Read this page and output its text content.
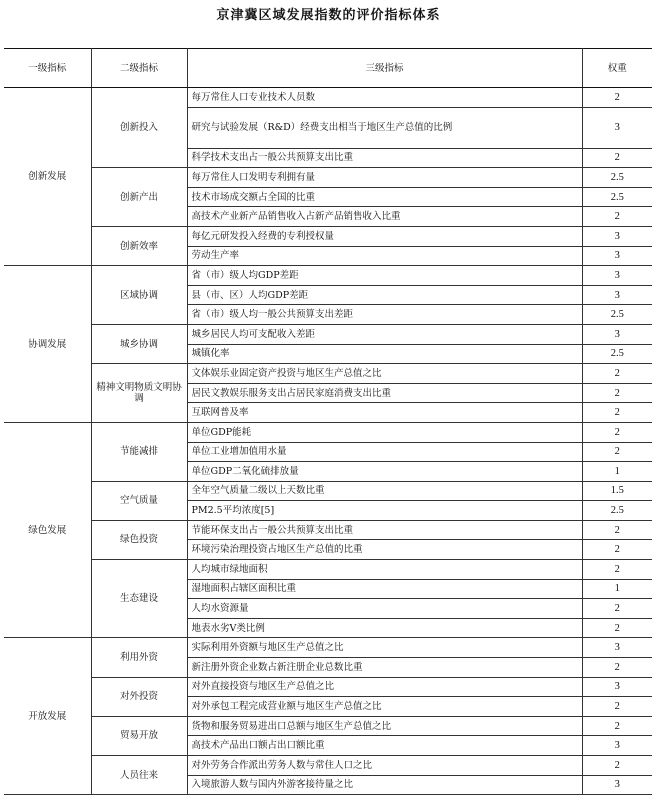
京津冀区域发展指数的评价指标体系
一级指标	二级指标	三级指标	权重
创新发展	创新投入	每万常住人口专业技术人员数	2
		研究与试验发展（R&D）经费支出相当于地区生产总值的比例	3
		科学技术支出占一般公共预算支出比重	2
	创新产出	每万常住人口发明专利拥有量	2.5
		技术市场成交额占全国的比重	2.5
		高技术产业新产品销售收入占新产品销售收入比重	2
	创新效率	每亿元研发投入经费的专利授权量	3
		劳动生产率	3
协调发展	区域协调	省（市）级人均GDP差距	3
		县（市、区）人均GDP差距	3
		省（市）级人均一般公共预算支出差距	2.5
	城乡协调	城乡居民人均可支配收入差距	3
		城镇化率	2.5
	精神文明物质文明协调	文体娱乐业固定资产投资与地区生产总值之比	2
		居民文教娱乐服务支出占居民家庭消费支出比重	2
		互联网普及率	2
绿色发展	节能减排	单位GDP能耗	2
		单位工业增加值用水量	2
		单位GDP二氧化硫排放量	1
	空气质量	全年空气质量二级以上天数比重	1.5
		PM2.5平均浓度[5]	2.5
	绿色投资	节能环保支出占一般公共预算支出比重	2
		环境污染治理投资占地区生产总值的比重	2
	生态建设	人均城市绿地面积	2
		湿地面积占辖区面积比重	1
		人均水资源量	2
		地表水劣Ⅴ类比例	2
开放发展	利用外资	实际利用外资额与地区生产总值之比	3
		新注册外资企业数占新注册企业总数比重	2
	对外投资	对外直接投资与地区生产总值之比	3
		对外承包工程完成营业额与地区生产总值之比	2
	贸易开放	货物和服务贸易进出口总额与地区生产总值之比	2
		高技术产品出口额占出口额比重	3
	人员往来	对外劳务合作派出劳务人数与常住人口之比	2
		入境旅游人数与国内外游客接待量之比	3
